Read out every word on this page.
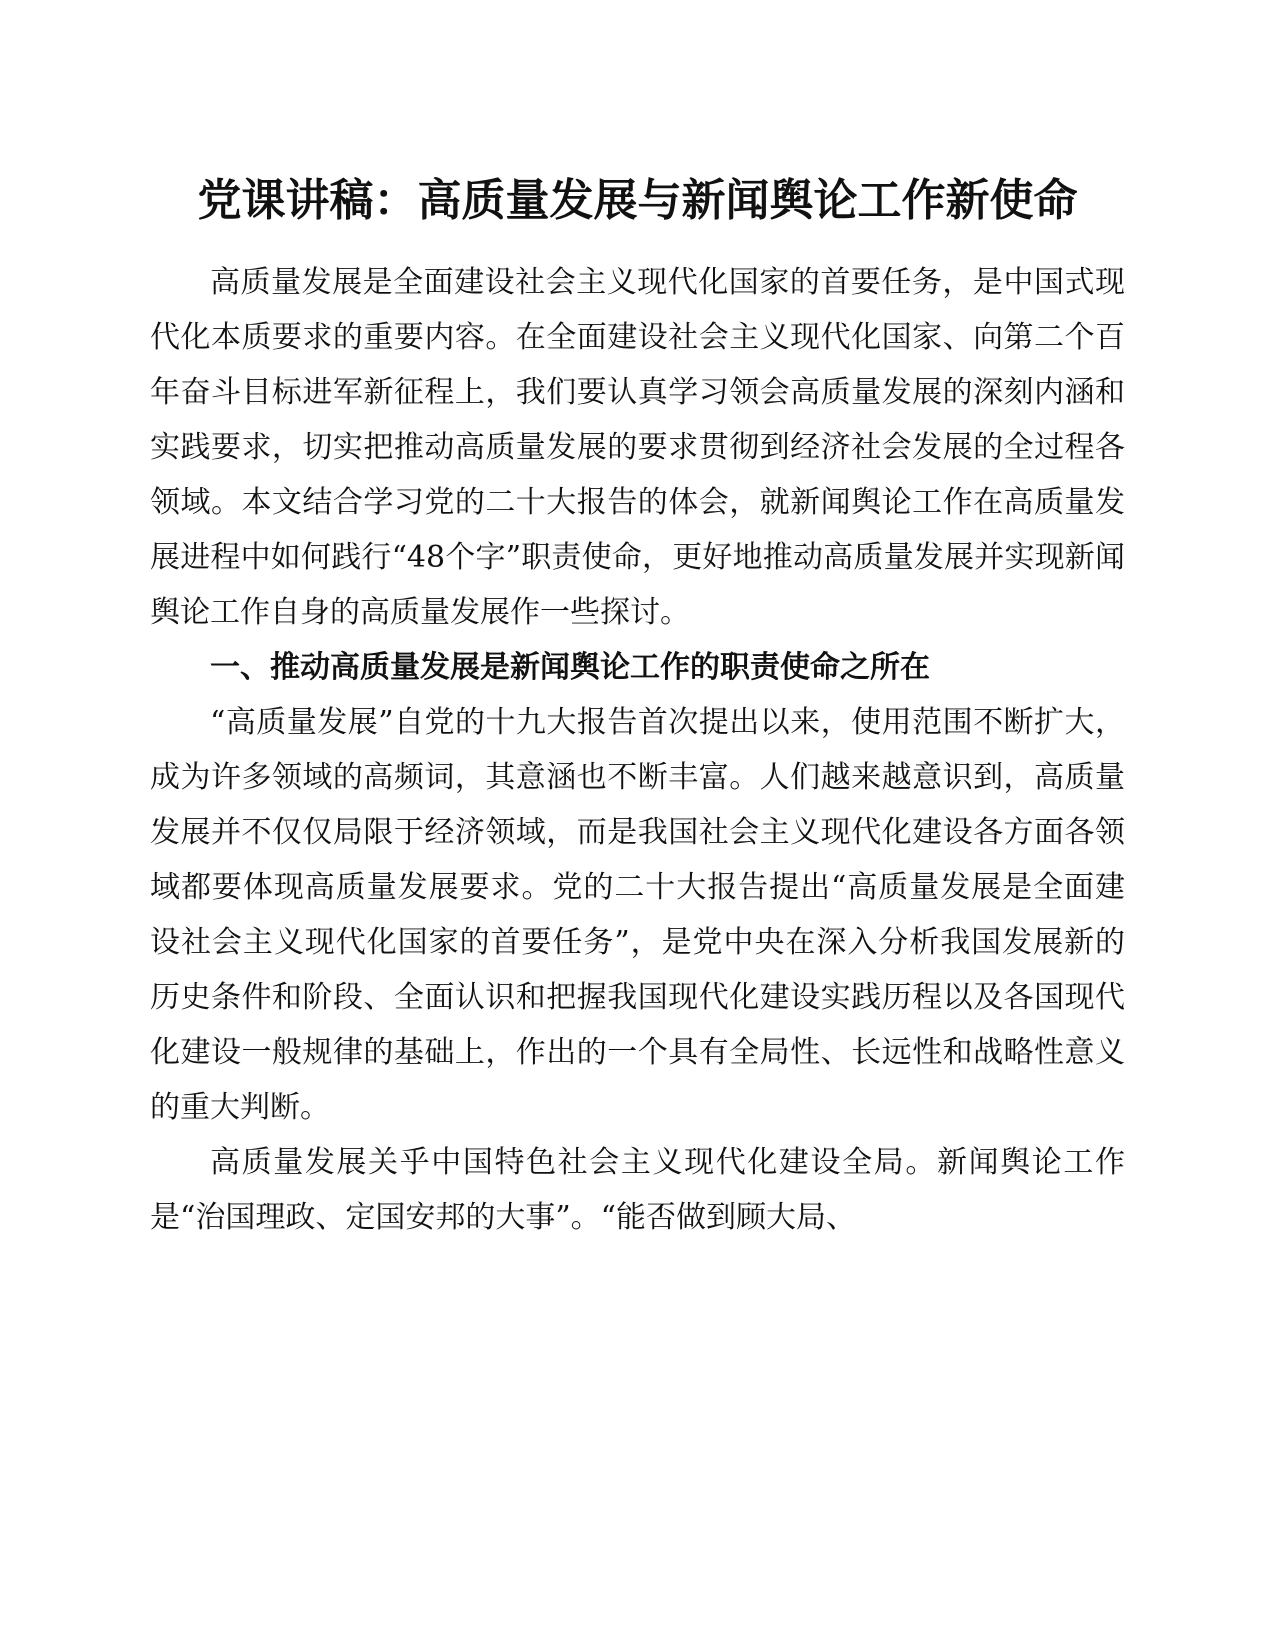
党课讲稿：高质量发展与新闻舆论工作新使命

高质量发展是全面建设社会主义现代化国家的首要任务，是中国式现代化本质要求的重要内容。在全面建设社会主义现代化国家、向第二个百年奋斗目标进军新征程上，我们要认真学习领会高质量发展的深刻内涵和实践要求，切实把推动高质量发展的要求贯彻到经济社会发展的全过程各领域。本文结合学习党的二十大报告的体会，就新闻舆论工作在高质量发展进程中如何践行“48个字”职责使命，更好地推动高质量发展并实现新闻舆论工作自身的高质量发展作一些探讨。

一、推动高质量发展是新闻舆论工作的职责使命之所在

“高质量发展”自党的十九大报告首次提出以来，使用范围不断扩大，成为许多领域的高频词，其意涵也不断丰富。人们越来越意识到，高质量发展并不仅仅局限于经济领域，而是我国社会主义现代化建设各方面各领域都要体现高质量发展要求。党的二十大报告提出“高质量发展是全面建设社会主义现代化国家的首要任务”，是党中央在深入分析我国发展新的历史条件和阶段、全面认识和把握我国现代化建设实践历程以及各国现代化建设一般规律的基础上，作出的一个具有全局性、长远性和战略性意义的重大判断。

高质量发展关乎中国特色社会主义现代化建设全局。新闻舆论工作是“治国理政、定国安邦的大事”。“能否做到顾大局、
